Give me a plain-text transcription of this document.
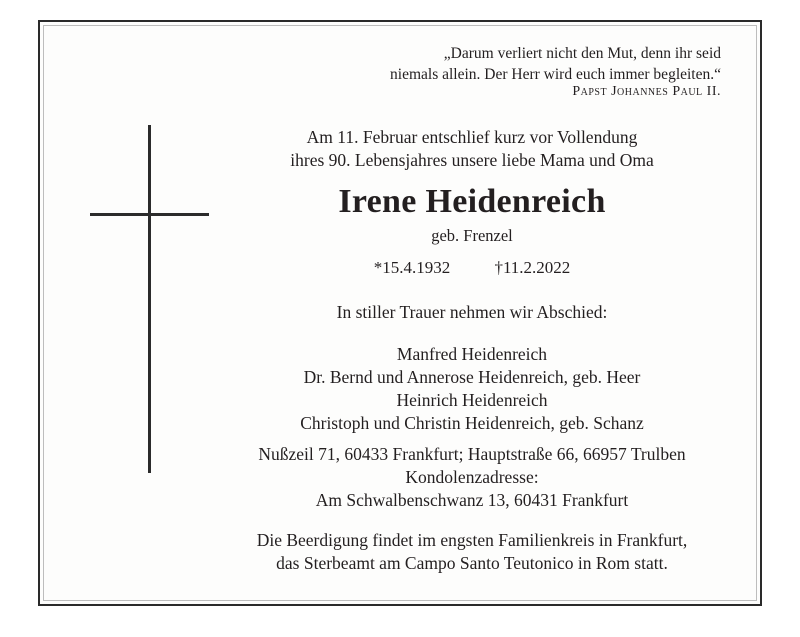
„Darum verliert nicht den Mut, denn ihr seid
niemals allein. Der Herr wird euch immer begleiten.“
Papst Johannes Paul II.
Am 11. Februar entschlief kurz vor Vollendung
ihres 90. Lebensjahres unsere liebe Mama und Oma
Irene Heidenreich
geb. Frenzel
*15.4.1932	†11.2.2022
In stiller Trauer nehmen wir Abschied:
Manfred Heidenreich
Dr. Bernd und Annerose Heidenreich, geb. Heer
Heinrich Heidenreich
Christoph und Christin Heidenreich, geb. Schanz
Nußzeil 71, 60433 Frankfurt; Hauptstraße 66, 66957 Trulben
Kondolenzadresse:
Am Schwalbenschwanz 13, 60431 Frankfurt
Die Beerdigung findet im engsten Familienkreis in Frankfurt,
das Sterbeamt am Campo Santo Teutonico in Rom statt.
